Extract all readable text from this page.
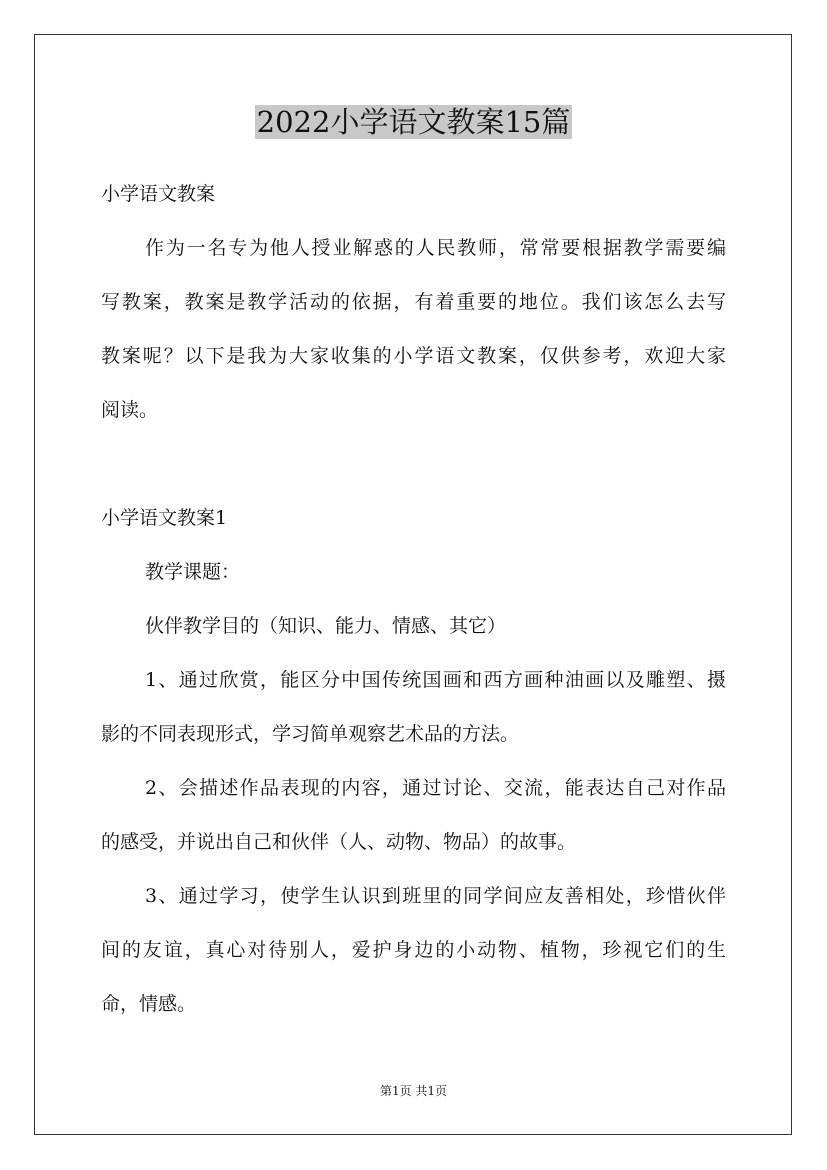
2022小学语文教案15篇
小学语文教案
作为一名专为他人授业解惑的人民教师，常常要根据教学需要编
写教案，教案是教学活动的依据，有着重要的地位。我们该怎么去写
教案呢？以下是我为大家收集的小学语文教案，仅供参考，欢迎大家
阅读。
小学语文教案1
教学课题：
伙伴教学目的（知识、能力、情感、其它）
1、通过欣赏，能区分中国传统国画和西方画种油画以及雕塑、摄
影的不同表现形式，学习简单观察艺术品的方法。
2、会描述作品表现的内容，通过讨论、交流，能表达自己对作品
的感受，并说出自己和伙伴（人、动物、物品）的故事。
3、通过学习，使学生认识到班里的同学间应友善相处，珍惜伙伴
间的友谊，真心对待别人，爱护身边的小动物、植物，珍视它们的生
命，情感。
第1页 共1页
